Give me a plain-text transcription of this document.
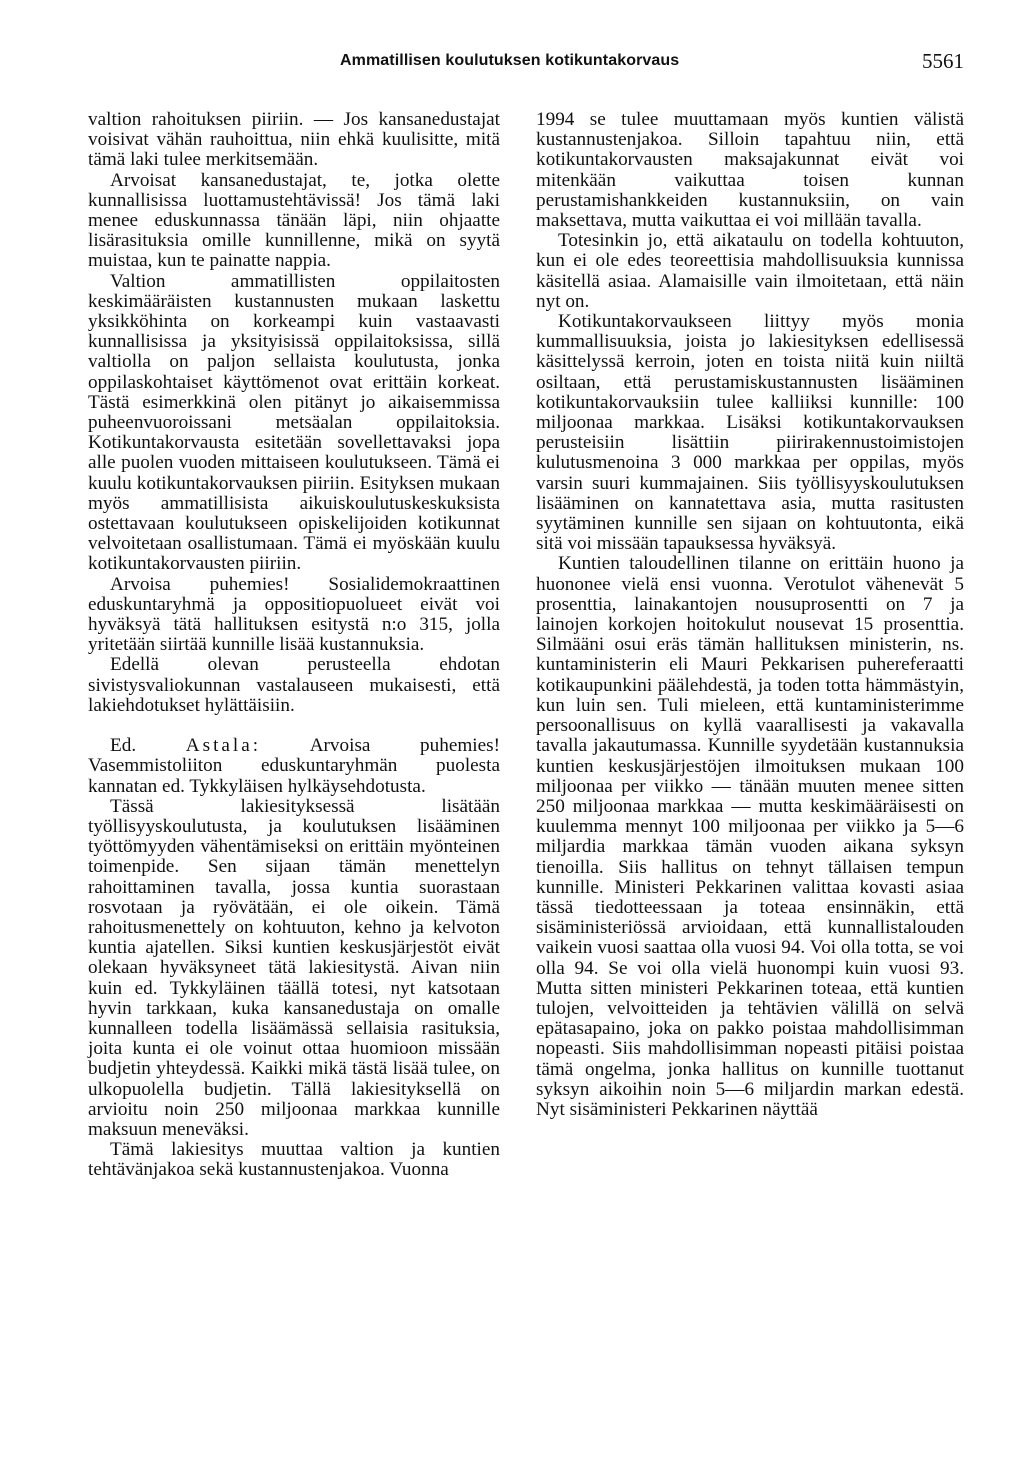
Ammatillisen koulutuksen kotikuntakorvaus	5561

valtion rahoituksen piiriin. — Jos kansanedustajat voisivat vähän rauhoittua, niin ehkä kuulisitte, mitä tämä laki tulee merkitsemään.

Arvoisat kansanedustajat, te, jotka olette kunnallisissa luottamustehtävissä! Jos tämä laki menee eduskunnassa tänään läpi, niin ohjaatte lisärasituksia omille kunnillenne, mikä on syytä muistaa, kun te painatte nappia.

Valtion ammatillisten oppilaitosten keskimääräisten kustannusten mukaan laskettu yksikköhinta on korkeampi kuin vastaavasti kunnallisissa ja yksityisissä oppilaitoksissa, sillä valtiolla on paljon sellaista koulutusta, jonka oppilaskohtaiset käyttömenot ovat erittäin korkeat. Tästä esimerkkinä olen pitänyt jo aikaisemmissa puheenvuoroissani metsäalan oppilaitoksia. Kotikuntakorvausta esitetään sovellettavaksi jopa alle puolen vuoden mittaiseen koulutukseen. Tämä ei kuulu kotikuntakorvauksen piiriin. Esityksen mukaan myös ammatillisista aikuiskoulutuskeskuksista ostettavaan koulutukseen opiskelijoiden kotikunnat velvoitetaan osallistumaan. Tämä ei myöskään kuulu kotikuntakorvausten piiriin.

Arvoisa puhemies! Sosialidemokraattinen eduskuntaryhmä ja oppositiopuolueet eivät voi hyväksyä tätä hallituksen esitystä n:o 315, jolla yritetään siirtää kunnille lisää kustannuksia.

Edellä olevan perusteella ehdotan sivistysvaliokunnan vastalauseen mukaisesti, että lakiehdotukset hylättäisiin.

Ed.	Astala:	Arvoisa puhemies! Vasemmistoliiton eduskuntaryhmän puolesta kannatan ed. Tykkyläisen hylkäysehdotusta.

Tässä lakiesityksessä lisätään työllisyyskoulutusta, ja koulutuksen lisääminen työttömyyden vähentämiseksi on erittäin myönteinen toimenpide. Sen sijaan tämän menettelyn rahoittaminen tavalla, jossa kuntia suorastaan rosvotaan ja ryövätään, ei ole oikein. Tämä rahoitusmenettely on kohtuuton, kehno ja kelvoton kuntia ajatellen. Siksi kuntien keskusjärjestöt eivät olekaan hyväksyneet tätä lakiesitystä. Aivan niin kuin ed. Tykkyläinen täällä totesi, nyt katsotaan hyvin tarkkaan, kuka kansanedustaja on omalle kunnalleen todella lisäämässä sellaisia rasituksia, joita kunta ei ole voinut ottaa huomioon missään budjetin yhteydessä. Kaikki mikä tästä lisää tulee, on ulkopuolella budjetin. Tällä lakiesityksellä on arvioitu noin 250 miljoonaa markkaa kunnille maksuun meneväksi.

Tämä lakiesitys muuttaa valtion ja kuntien tehtävänjakoa sekä kustannustenjakoa. Vuonna

1994 se tulee muuttamaan myös kuntien välistä kustannustenjakoa. Silloin tapahtuu niin, että kotikuntakorvausten maksajakunnat eivät voi mitenkään vaikuttaa toisen kunnan perustamishankkeiden kustannuksiin, on vain maksettava, mutta vaikuttaa ei voi millään tavalla.

Totesinkin jo, että aikataulu on todella kohtuuton, kun ei ole edes teoreettisia mahdollisuuksia kunnissa käsitellä asiaa. Alamaisille vain ilmoitetaan, että näin nyt on.

Kotikuntakorvaukseen liittyy myös monia kummallisuuksia, joista jo lakiesityksen edellisessä käsittelyssä kerroin, joten en toista niitä kuin niiltä osiltaan, että perustamiskustannusten lisääminen kotikuntakorvauksiin tulee kalliiksi kunnille: 100 miljoonaa markkaa. Lisäksi kotikuntakorvauksen perusteisiin lisättiin piirirakennustoimistojen kulutusmenoina 3 000 markkaa per oppilas, myös varsin suuri kummajainen. Siis työllisyyskoulutuksen lisääminen on kannatettava asia, mutta rasitusten syytäminen kunnille sen sijaan on kohtuutonta, eikä sitä voi missään tapauksessa hyväksyä.

Kuntien taloudellinen tilanne on erittäin huono ja huononee vielä ensi vuonna. Verotulot vähenevät 5 prosenttia, lainakantojen nousuprosentti on 7 ja lainojen korkojen hoitokulut nousevat 15 prosenttia. Silmääni osui eräs tämän hallituksen ministerin, ns. kuntaministerin eli Mauri Pekkarisen puhereferaatti kotikaupunkini päälehdestä, ja toden totta hämmästyin, kun luin sen. Tuli mieleen, että kuntaministerimme persoonallisuus on kyllä vaarallisesti ja vakavalla tavalla jakautumassa. Kunnille syydetään kustannuksia kuntien keskusjärjestöjen ilmoituksen mukaan 100 miljoonaa per viikko — tänään muuten menee sitten 250 miljoonaa markkaa — mutta keskimääräisesti on kuulemma mennyt 100 miljoonaa per viikko ja 5—6 miljardia markkaa tämän vuoden aikana syksyn tienoilla. Siis hallitus on tehnyt tällaisen tempun kunnille. Ministeri Pekkarinen valittaa kovasti asiaa tässä tiedotteessaan ja toteaa ensinnäkin, että sisäministeriössä arvioidaan, että kunnallistalouden vaikein vuosi saattaa olla vuosi 94. Voi olla totta, se voi olla 94. Se voi olla vielä huonompi kuin vuosi 93. Mutta sitten ministeri Pekkarinen toteaa, että kuntien tulojen, velvoitteiden ja tehtävien välillä on selvä epätasapaino, joka on pakko poistaa mahdollisimman nopeasti. Siis mahdollisimman nopeasti pitäisi poistaa tämä ongelma, jonka hallitus on kunnille tuottanut syksyn aikoihin noin 5—6 miljardin markan edestä. Nyt sisäministeri Pekkarinen näyttää
